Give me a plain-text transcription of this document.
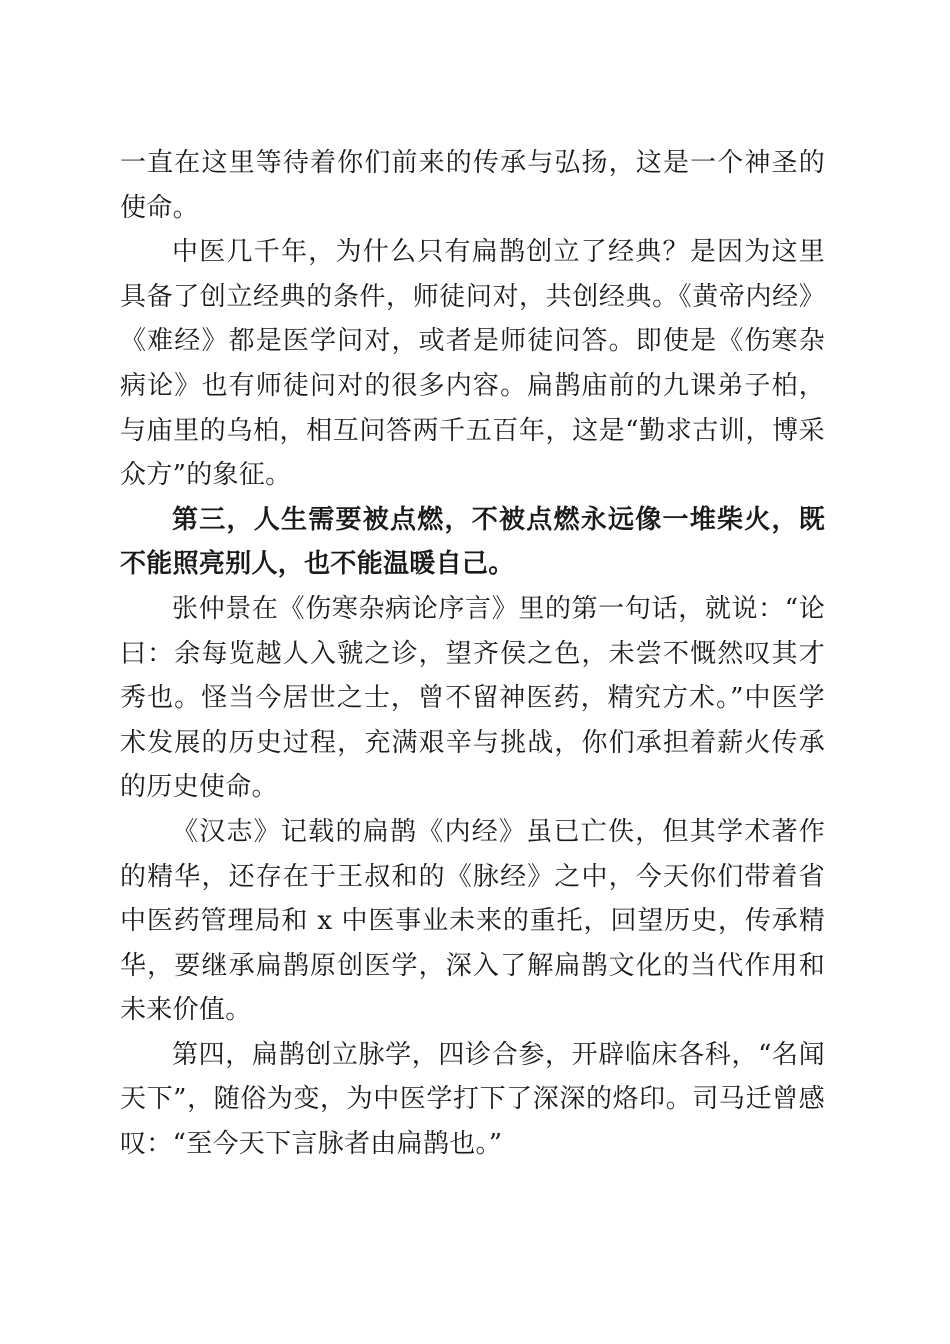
一直在这里等待着你们前来的传承与弘扬，这是一个神圣的使命。

中医几千年，为什么只有扁鹊创立了经典？是因为这里具备了创立经典的条件，师徒问对，共创经典。《黄帝内经》《难经》都是医学问对，或者是师徒问答。即使是《伤寒杂病论》也有师徒问对的很多内容。扁鹊庙前的九课弟子柏，与庙里的乌柏，相互问答两千五百年，这是“勤求古训，博采众方”的象征。

第三，人生需要被点燃，不被点燃永远像一堆柴火，既不能照亮别人，也不能温暖自己。

张仲景在《伤寒杂病论序言》里的第一句话，就说：“论曰：余每览越人入虢之诊，望齐侯之色，未尝不慨然叹其才秀也。怪当今居世之士，曾不留神医药，精究方术。”中医学术发展的历史过程，充满艰辛与挑战，你们承担着薪火传承的历史使命。

《汉志》记载的扁鹊《内经》虽已亡佚，但其学术著作的精华，还存在于王叔和的《脉经》之中，今天你们带着省中医药管理局和 x 中医事业未来的重托，回望历史，传承精华，要继承扁鹊原创医学，深入了解扁鹊文化的当代作用和未来价值。

第四，扁鹊创立脉学，四诊合参，开辟临床各科，“名闻天下”，随俗为变，为中医学打下了深深的烙印。司马迁曾感叹：“至今天下言脉者由扁鹊也。”
